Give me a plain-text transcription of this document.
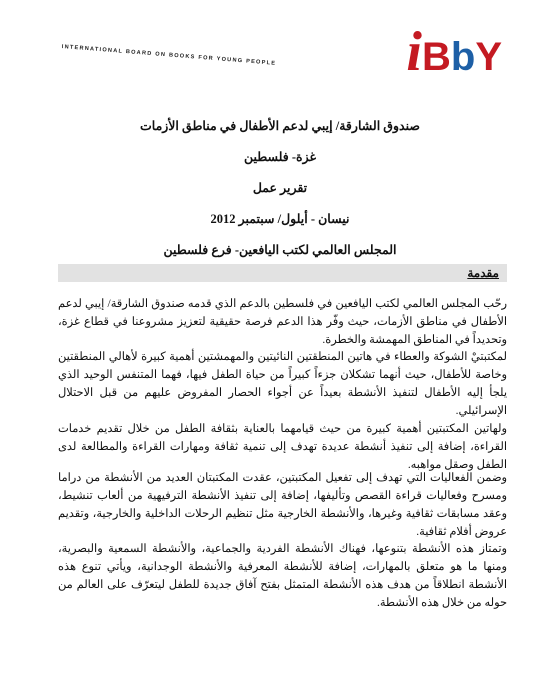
INTERNATIONAL BOARD ON BOOKS FOR YOUNG PEOPLE	iBbY
صندوق الشارقة/ إيبي لدعم الأطفال في مناطق الأزمات
غزة- فلسطين
تقرير عمل
نيسان - أيلول/ سبتمبر 2012
المجلس العالمي لكتب اليافعين- فرع فلسطين
مقدمة
رحّب المجلس العالمي لكتب اليافعين في فلسطين بالدعم الذي قدمه صندوق الشارقة/ إيبي لدعم الأطفال في مناطق الأزمات، حيث وفّر هذا الدعم فرصة حقيقية لتعزيز مشروعنا في قطاع غزة، وتحديداً في المناطق المهمشة والخطرة.
لمكتبتيْ الشوكة والعطاء في هاتين المنطقتين النائيتين والمهمشتين أهمية كبيرة لأهالي المنطقتين وخاصة للأطفال، حيث أنهما تشكلان جزءاً كبيراً من حياة الطفل فيها، فهما المتنفس الوحيد الذي يلجأ إليه الأطفال لتنفيذ الأنشطة بعيداً عن أجواء الحصار المفروض عليهم من قبل الاحتلال الإسرائيلي.
ولهاتين المكتبتين أهمية كبيرة من حيث قيامهما بالعناية بثقافة الطفل من خلال تقديم خدمات القراءة، إضافة إلى تنفيذ أنشطة عديدة تهدف إلى تنمية ثقافة ومهارات القراءة والمطالعة لدى الطفل وصقل مواهبه.
وضمن الفعاليات التي تهدف إلى تفعيل المكتبتين، عقدت المكتبتان العديد من الأنشطة من دراما ومسرح وفعاليات قراءة القصص وتأليفها، إضافة إلى تنفيذ الأنشطة الترفيهية من ألعاب تنشيط، وعقد مسابقات ثقافية وغيرها، والأنشطة الخارجية مثل تنظيم الرحلات الداخلية والخارجية، وتقديم عروض أفلام ثقافية.
وتمتاز هذه الأنشطة بتنوعها، فهناك الأنشطة الفردية والجماعية، والأنشطة السمعية والبصرية، ومنها ما هو متعلق بالمهارات، إضافة للأنشطة المعرفية والأنشطة الوجدانية، ويأتي تنوع هذه الأنشطة انطلاقاً من هدف هذه الأنشطة المتمثل بفتح آفاق جديدة للطفل ليتعرّف على العالم من حوله من خلال هذه الأنشطة.
